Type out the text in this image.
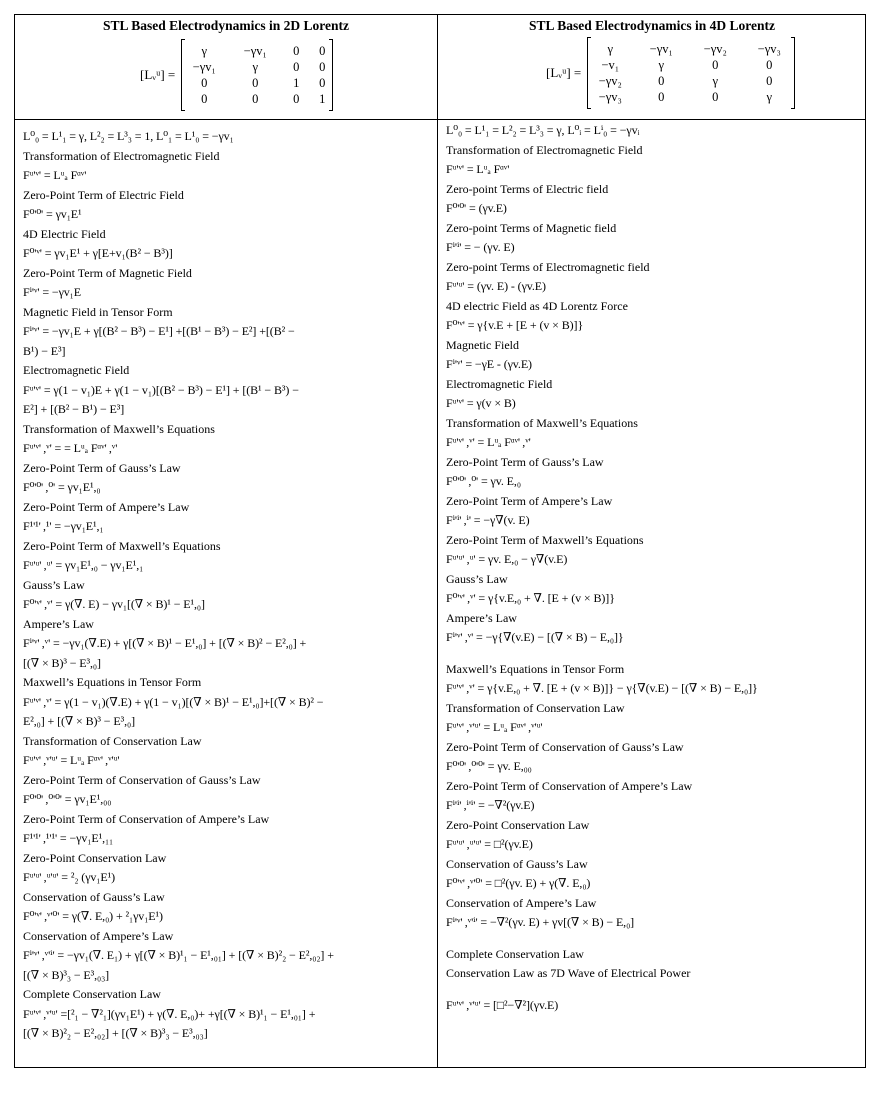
STL Based Electrodynamics in 2D Lorentz
[Lᵥᵘ] =
γ	−γv₁	0	0
−γv₁	γ	0	0
0	0	1	0
0	0	0	1
STL Based Electrodynamics in 4D Lorentz
[Lᵥᵘ] =
γ	−γv₁	−γv₂	−γv₃
−v₁	γ	0	0
−γv₂	0	γ	0
−γv₃	0	0	γ
L⁰₀ = L¹₁ = γ, L²₂ = L³₃ = 1, L⁰₁ = L¹₀ = −γv₁
Transformation of Electromagnetic Field
Fᵘ'ᵛ' = Lᵘₐ Fᵅᵛ'
Zero-Point Term of Electric Field
F⁰'⁰' = γv₁E¹
4D Electric Field
F⁰'ᵛ' = γv₁E¹ + γ[E+v₁(B² − B³)]
Zero-Point Term of Magnetic Field
Fⁱ'ᵛ' = −γv₁E
Magnetic Field in Tensor Form
Fⁱ'ᵛ' = −γv₁E + γ[(B² − B³) − E¹] +[(B¹ − B³) − E²] +[(B² −
B¹) − E³]
Electromagnetic Field
Fᵘ'ᵛ' = γ(1 − v₁)E + γ(1 − v₁)[(B² − B³) − E¹] + [(B¹ − B³) −
E²] + [(B² − B¹) − E³]
Transformation of Maxwell’s Equations
Fᵘ'ᵛ' ,ᵛ' = = Lᵘₐ Fᵅᵛ' ,ᵛ'
Zero-Point Term of Gauss’s Law
F⁰'⁰' ,⁰' = γv₁E¹,₀
Zero-Point Term of Ampere’s Law
F¹'¹' ,¹' = −γv₁E¹,₁
Zero-Point Term of Maxwell’s Equations
Fᵘ'ᵘ' ,ᵘ' = γv₁E¹,₀ − γv₁E¹,₁
Gauss’s Law
F⁰'ᵛ' ,ᵛ' = γ(∇. E) − γv₁[(∇ × B)¹ − E¹,₀]
Ampere’s Law
Fⁱ'ᵛ' ,ᵛ' = −γv₁(∇.E) + γ[(∇ × B)¹ − E¹,₀] + [(∇ × B)² − E²,₀] +
[(∇ × B)³ − E³,₀]
Maxwell’s Equations in Tensor Form
Fᵘ'ᵛ' ,ᵛ' = γ(1 − v₁)(∇.E) + γ(1 − v₁)[(∇ × B)¹ − E¹,₀]+[(∇ × B)² −
E²,₀] + [(∇ × B)³ − E³,₀]
Transformation of Conservation Law
Fᵘ'ᵛ' ,ᵛ'ᵘ' = Lᵘₐ Fᵅᵛ' ,ᵛ'ᵘ'
Zero-Point Term of Conservation of Gauss’s Law
F⁰'⁰' ,⁰'⁰' = γv₁E¹,₀₀
Zero-Point Term of Conservation of Ampere’s Law
F¹'¹' ,¹'¹' = −γv₁E¹,₁₁
Zero-Point Conservation Law
Fᵘ'ᵘ' ,ᵘ'ᵘ' = ²₂ (γv₁E¹)
Conservation of Gauss’s Law
F⁰'ᵛ' ,ᵛ'⁰' = γ(∇. E,₀) + ²₁γv₁E¹)
Conservation of Ampere’s Law
Fⁱ'ᵛ' ,ᵛ'ⁱ' = −γv₁(∇. E₁) + γ[(∇ × B)¹₁ − E¹,₀₁] + [(∇ × B)²₂ − E²,₀₂] +
[(∇ × B)³₃ − E³,₀₃]
Complete Conservation Law
Fᵘ'ᵛ' ,ᵛ'ᵘ' =[²₁ − ∇²₁](γv₁E¹) + γ(∇. E,₀)+ +γ[(∇ × B)¹₁ − E¹,₀₁] +
[(∇ × B)²₂ − E²,₀₂] + [(∇ × B)³₃ − E³,₀₃]
L⁰₀ = L¹₁ = L²₂ = L³₃ = γ, L⁰ᵢ = Lⁱ₀ = −γvᵢ
Transformation of Electromagnetic Field
Fᵘ'ᵛ' = Lᵘₐ Fᵅᵛ'
Zero-point Terms of Electric field
F⁰'⁰' = (γv.E)
Zero-point Terms of Magnetic field
Fⁱ'ⁱ' = − (γv. E)
Zero-point Terms of Electromagnetic field
Fᵘ'ᵘ' = (γv. E) - (γv.E)
4D electric Field as 4D Lorentz Force
F⁰'ᵛ' = γ{v.E + [E + (v × B)]}
Magnetic Field
Fⁱ'ᵛ' = −γE - (γv.E)
Electromagnetic Field
Fᵘ'ᵛ' = γ(v × B)
Transformation of Maxwell’s Equations
Fᵘ'ᵛ' ,ᵛ' = Lᵘₐ Fᵅᵛ' ,ᵛ'
Zero-Point Term of Gauss’s Law
F⁰'⁰' ,⁰' = γv. E,₀
Zero-Point Term of Ampere’s Law
Fⁱ'ⁱ' ,ⁱ' = −γ∇(v. E)
Zero-Point Term of Maxwell’s Equations
Fᵘ'ᵘ' ,ᵘ' = γv. E,₀ − γ∇(v.E)
Gauss’s Law
F⁰'ᵛ' ,ᵛ' = γ{v.E,₀ + ∇. [E + (v × B)]}
Ampere’s Law
Fⁱ'ᵛ' ,ᵛ' = −γ{∇(v.E) − [(∇ × B) − E,₀]}
Maxwell’s Equations in Tensor Form
Fᵘ'ᵛ' ,ᵛ' = γ{v.E,₀ + ∇. [E + (v × B)]} − γ{∇(v.E) − [(∇ × B) − E,₀]}
Transformation of Conservation Law
Fᵘ'ᵛ' ,ᵛ'ᵘ' = Lᵘₐ Fᵅᵛ' ,ᵛ'ᵘ'
Zero-Point Term of Conservation of Gauss’s Law
F⁰'⁰' ,⁰'⁰' = γv. E,₀₀
Zero-Point Term of Conservation of Ampere’s Law
Fⁱ'ⁱ' ,ⁱ'ⁱ' = −∇²(γv.E)
Zero-Point Conservation Law
Fᵘ'ᵘ' ,ᵘ'ᵘ' = □²(γv.E)
Conservation of Gauss’s Law
F⁰'ᵛ' ,ᵛ'⁰' = □²(γv. E) + γ(∇. E,₀)
Conservation of Ampere’s Law
Fⁱ'ᵛ' ,ᵛ'ⁱ' = −∇²(γv. E) + γv[(∇ × B) − E,₀]
Complete Conservation Law
Conservation Law as 7D Wave of Electrical Power
Fᵘ'ᵛ' ,ᵛ'ᵘ' = [□²−∇²](γv.E)
